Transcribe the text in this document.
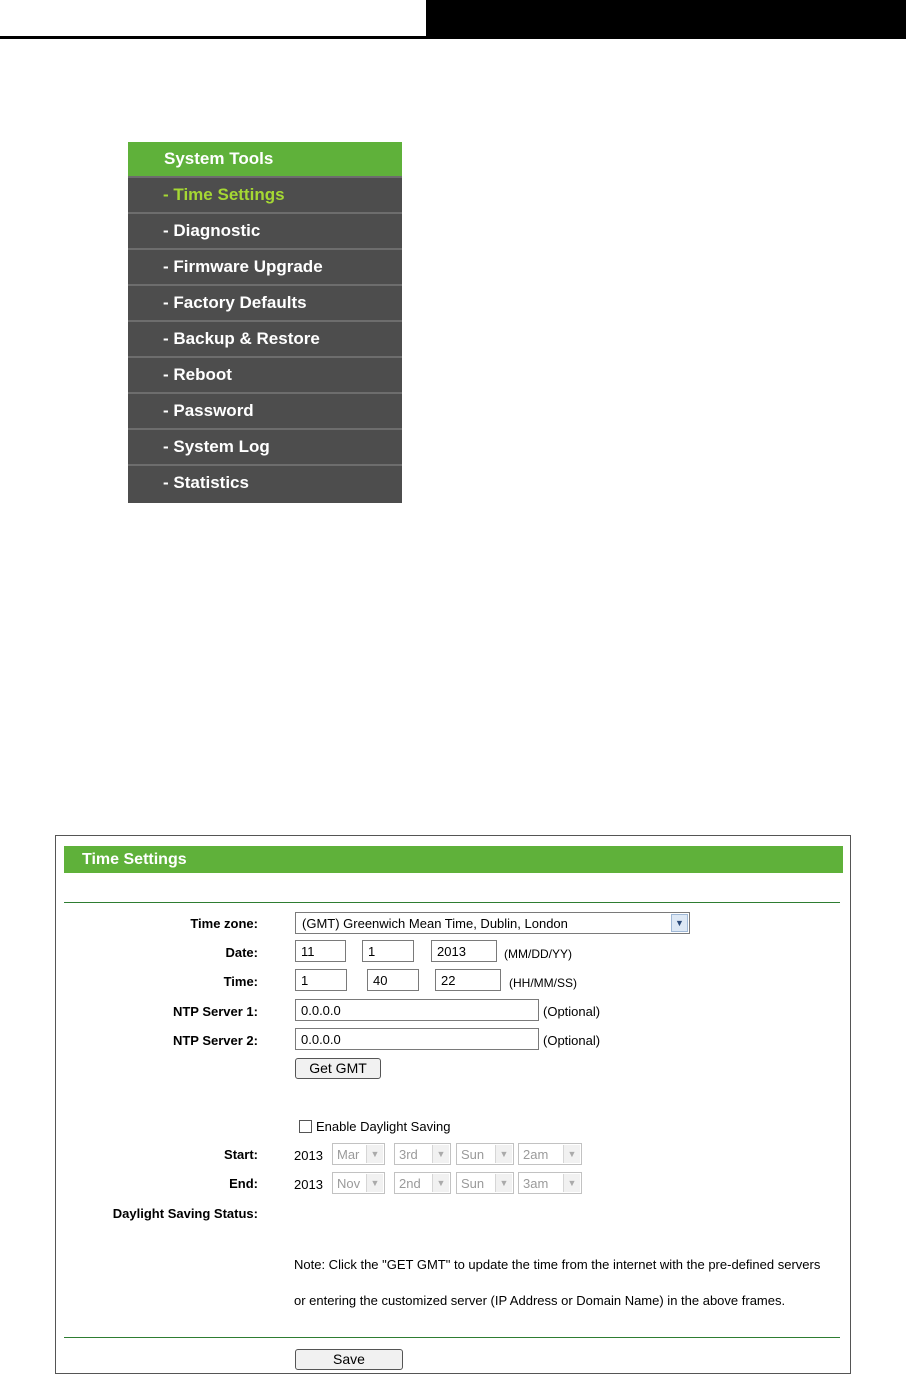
System Tools
- Time Settings
- Diagnostic
- Firmware Upgrade
- Factory Defaults
- Backup & Restore
- Reboot
- Password
- System Log
- Statistics
Time Settings
Time zone:	(GMT) Greenwich Mean Time, Dublin, London	▼
Date:
11
1
2013	(MM/DD/YY)
Time:
1
40
22	(HH/MM/SS)
NTP Server 1:
0.0.0.0	(Optional)
NTP Server 2:
0.0.0.0	(Optional)
Get GMT
Enable Daylight Saving
Start:	2013 Mar	▼ 3rd	▼ Sun	▼ 2am	▼
End:	2013 Nov	▼ 2nd	▼ Sun	▼ 3am	▼
Daylight Saving Status:
Note: Click the "GET GMT" to update the time from the internet with the pre-defined servers
or entering the customized server (IP Address or Domain Name) in the above frames.
Save
